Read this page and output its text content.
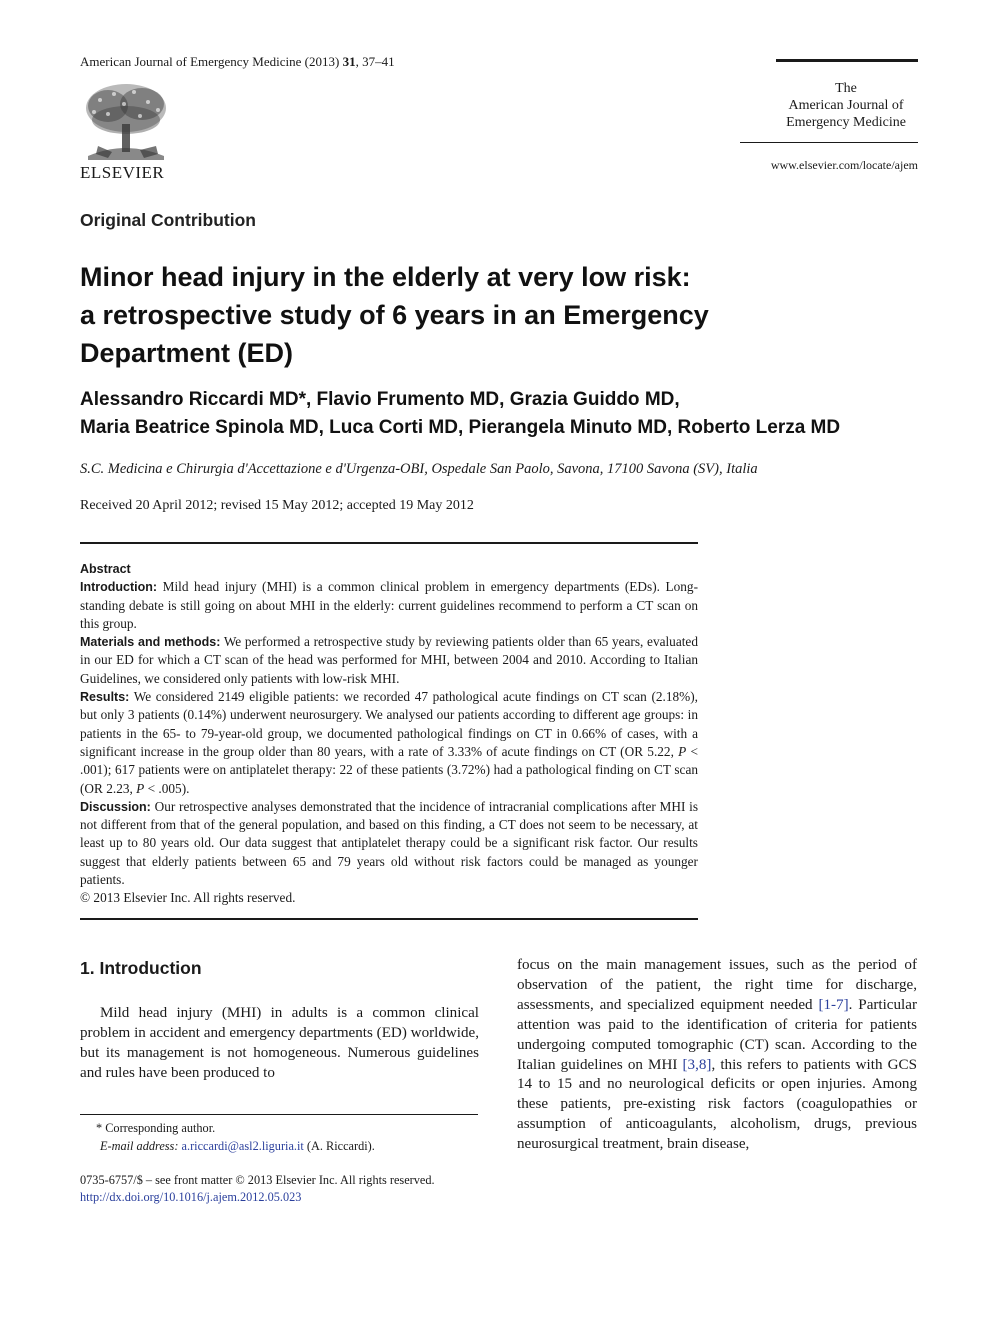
American Journal of Emergency Medicine (2013) 31, 37–41
ELSEVIER
The
American Journal of
Emergency Medicine
www.elsevier.com/locate/ajem
Original Contribution
Minor head injury in the elderly at very low risk:
a retrospective study of 6 years in an Emergency
Department (ED)
Alessandro Riccardi MD*, Flavio Frumento MD, Grazia Guiddo MD,
Maria Beatrice Spinola MD, Luca Corti MD, Pierangela Minuto MD, Roberto Lerza MD
S.C. Medicina e Chirurgia d'Accettazione e d'Urgenza-OBI, Ospedale San Paolo, Savona, 17100 Savona (SV), Italia
Received 20 April 2012; revised 15 May 2012; accepted 19 May 2012

Abstract

Introduction: Mild head injury (MHI) is a common clinical problem in emergency departments (EDs). Long-standing debate is still going on about MHI in the elderly: current guidelines recommend to perform a CT scan on this group.

Materials and methods: We performed a retrospective study by reviewing patients older than 65 years, evaluated in our ED for which a CT scan of the head was performed for MHI, between 2004 and 2010. According to Italian Guidelines, we considered only patients with low-risk MHI.

Results: We considered 2149 eligible patients: we recorded 47 pathological acute findings on CT scan (2.18%), but only 3 patients (0.14%) underwent neurosurgery. We analysed our patients according to different age groups: in patients in the 65- to 79-year-old group, we documented pathological findings on CT in 0.66% of cases, with a significant increase in the group older than 80 years, with a rate of 3.33% of acute findings on CT (OR 5.22, P < .001); 617 patients were on antiplatelet therapy: 22 of these patients (3.72%) had a pathological finding on CT scan (OR 2.23, P < .005).

Discussion: Our retrospective analyses demonstrated that the incidence of intracranial complications after MHI is not different from that of the general population, and based on this finding, a CT does not seem to be necessary, at least up to 80 years old. Our data suggest that antiplatelet therapy could be a significant risk factor. Our results suggest that elderly patients between 65 and 79 years old without risk factors could be managed as younger patients.

© 2013 Elsevier Inc. All rights reserved.

1. Introduction
Mild head injury (MHI) in adults is a common clinical problem in accident and emergency departments (ED) worldwide, but its management is not homogeneous. Numerous guidelines and rules have been produced to
focus on the main management issues, such as the period of observation of the patient, the right time for discharge, assessments, and specialized equipment needed [1-7]. Particular attention was paid to the identification of criteria for patients undergoing computed tomographic (CT) scan. According to the Italian guidelines on MHI [3,8], this refers to patients with GCS 14 to 15 and no neurological deficits or open injuries. Among these patients, pre-existing risk factors (coagulopathies or assumption of anticoagulants, alcoholism, drugs, previous neurosurgical treatment, brain disease,
* Corresponding author.
E-mail address: a.riccardi@asl2.liguria.it (A. Riccardi).
0735-6757/$ – see front matter © 2013 Elsevier Inc. All rights reserved.
http://dx.doi.org/10.1016/j.ajem.2012.05.023
